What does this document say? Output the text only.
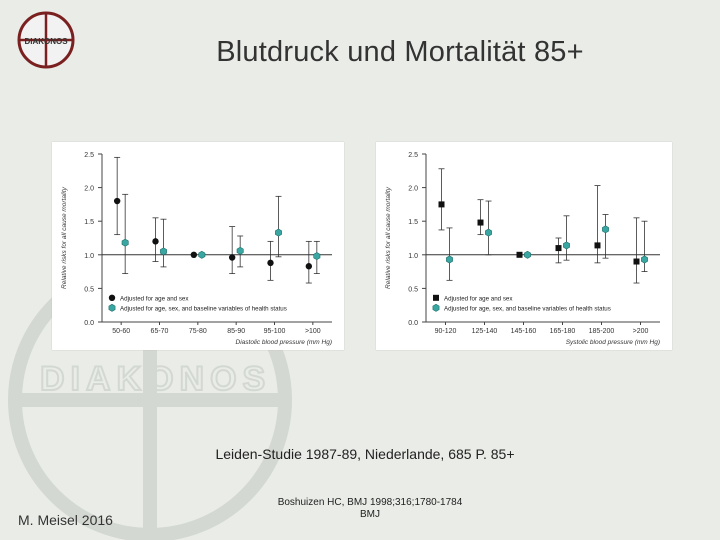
DIAKONOS
DIAKONOS	Blutdruck und Mortalität 85+
0.0
0.5
1.0
1.5
2.0
2.5
Relative risks for all cause mortality
50-60	65-70	75-80	85-90	95-100	>100
Diastolic blood pressure (mm Hg)
Adjusted for age and sex
Adjusted for age, sex, and baseline variables of health status
0.0
0.5
1.0
1.5
2.0
2.5
Relative risks for all cause mortality
90-120 125-140 145-160 165-180 185-200	>200
Systolic blood pressure (mm Hg)
Adjusted for age and sex
Adjusted for age, sex, and baseline variables of health status
Leiden-Studie 1987-89, Niederlande, 685 P. 85+
M. Meisel 2016
Boshuizen HC, BMJ 1998;316;1780-1784
BMJ
